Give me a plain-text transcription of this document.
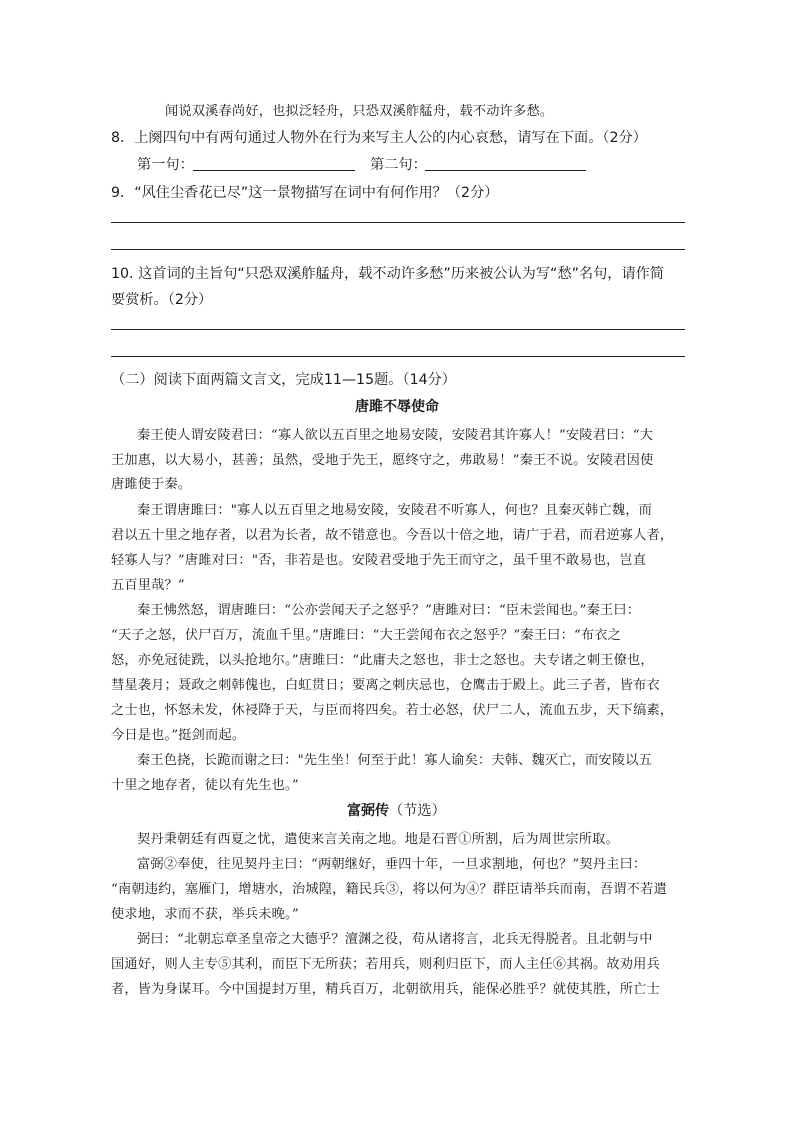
闻说双溪春尚好，也拟泛轻舟，只恐双溪舴艋舟，载不动许多愁。
8．上阕四句中有两句通过人物外在行为来写主人公的内心哀愁，请写在下面。（2分）
第一句：	第二句：
9．“风住尘香花已尽”这一景物描写在词中有何作用？（2分）
10. 这首词的主旨句“只恐双溪舴艋舟，载不动许多愁”历来被公认为写“愁”名句，请作简
要赏析。（2分）
（二）阅读下面两篇文言文，完成11—15题。（14分）
唐雎不辱使命
秦王使人谓安陵君曰：“寡人欲以五百里之地易安陵，安陵君其许寡人！”安陵君曰：“大
王加惠，以大易小，甚善；虽然，受地于先王，愿终守之，弗敢易！”秦王不说。安陵君因使
唐雎使于秦。
秦王谓唐雎曰："寡人以五百里之地易安陵，安陵君不听寡人，何也？且秦灭韩亡魏，而
君以五十里之地存者，以君为长者，故不错意也。今吾以十倍之地，请广于君，而君逆寡人者，
轻寡人与？”唐雎对曰："否，非若是也。安陵君受地于先王而守之，虽千里不敢易也，岂直
五百里哉？”
秦王怫然怒，谓唐雎曰：“公亦尝闻天子之怒乎？”唐雎对曰：“臣未尝闻也。”秦王曰：
“天子之怒，伏尸百万，流血千里。”唐雎曰：“大王尝闻布衣之怒乎？”秦王曰：“布衣之
怒，亦免冠徒跣，以头抢地尔。”唐雎曰：“此庸夫之怒也，非士之怒也。夫专诸之刺王僚也，
彗星袭月；聂政之刺韩傀也，白虹贯日；要离之刺庆忌也，仓鹰击于殿上。此三子者，皆布衣
之士也，怀怒未发，休祲降于天，与臣而将四矣。若士必怒，伏尸二人，流血五步，天下缟素，
今日是也。”挺剑而起。
秦王色挠，长跪而谢之曰："先生坐！何至于此！寡人谕矣：夫韩、魏灭亡，而安陵以五
十里之地存者，徒以有先生也。”
富弼传（节选）
契丹秉朝廷有西夏之忧，遣使来言关南之地。地是石晋①所割，后为周世宗所取。
富弼②奉使，往见契丹主曰：“两朝继好，垂四十年，一旦求割地，何也？”契丹主曰：
“南朝违约，塞雁门，增塘水，治城隍，籍民兵③，将以何为④？群臣请举兵而南，吾谓不若遣
使求地，求而不获，举兵未晚。”
弼曰：“北朝忘章圣皇帝之大德乎？澶渊之役，苟从诸将言，北兵无得脱者。且北朝与中
国通好，则人主专⑤其利，而臣下无所获；若用兵，则利归臣下，而人主任⑥其祸。故劝用兵
者，皆为身谋耳。今中国提封万里，精兵百万，北朝欲用兵，能保必胜乎？就使其胜，所亡士
